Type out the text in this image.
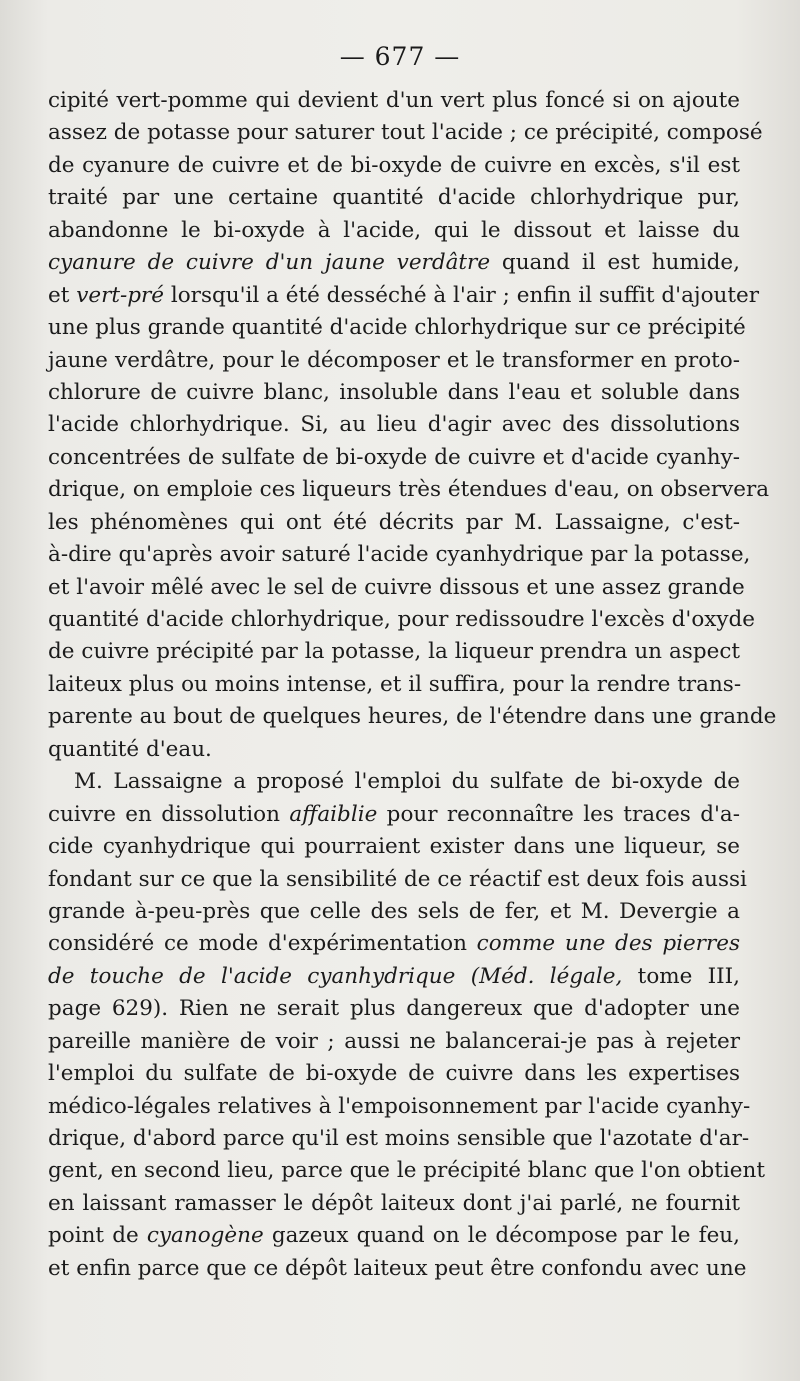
— 677 —
cipité vert-pomme qui devient d'un vert plus foncé si on ajoute
assez de potasse pour saturer tout l'acide ; ce précipité, composé
de cyanure de cuivre et de bi-oxyde de cuivre en excès, s'il est
traité par une certaine quantité d'acide chlorhydrique pur,
abandonne le bi-oxyde à l'acide, qui le dissout et laisse du
cyanure de cuivre d'un jaune verdâtre quand il est humide,
et vert-pré lorsqu'il a été desséché à l'air ; enfin il suffit d'ajouter
une plus grande quantité d'acide chlorhydrique sur ce précipité
jaune verdâtre, pour le décomposer et le transformer en proto-
chlorure de cuivre blanc, insoluble dans l'eau et soluble dans
l'acide chlorhydrique. Si, au lieu d'agir avec des dissolutions
concentrées de sulfate de bi-oxyde de cuivre et d'acide cyanhy-
drique, on emploie ces liqueurs très étendues d'eau, on observera
les phénomènes qui ont été décrits par M. Lassaigne, c'est-
à-dire qu'après avoir saturé l'acide cyanhydrique par la potasse,
et l'avoir mêlé avec le sel de cuivre dissous et une assez grande
quantité d'acide chlorhydrique, pour redissoudre l'excès d'oxyde
de cuivre précipité par la potasse, la liqueur prendra un aspect
laiteux plus ou moins intense, et il suffira, pour la rendre trans-
parente au bout de quelques heures, de l'étendre dans une grande
quantité d'eau.
M. Lassaigne a proposé l'emploi du sulfate de bi-oxyde de
cuivre en dissolution affaiblie pour reconnaître les traces d'a-
cide cyanhydrique qui pourraient exister dans une liqueur, se
fondant sur ce que la sensibilité de ce réactif est deux fois aussi
grande à-peu-près que celle des sels de fer, et M. Devergie a
considéré ce mode d'expérimentation comme une des pierres
de touche de l'acide cyanhydrique (Méd. légale, tome III,
page 629). Rien ne serait plus dangereux que d'adopter une
pareille manière de voir ; aussi ne balancerai-je pas à rejeter
l'emploi du sulfate de bi-oxyde de cuivre dans les expertises
médico-légales relatives à l'empoisonnement par l'acide cyanhy-
drique, d'abord parce qu'il est moins sensible que l'azotate d'ar-
gent, en second lieu, parce que le précipité blanc que l'on obtient
en laissant ramasser le dépôt laiteux dont j'ai parlé, ne fournit
point de cyanogène gazeux quand on le décompose par le feu,
et enfin parce que ce dépôt laiteux peut être confondu avec une
